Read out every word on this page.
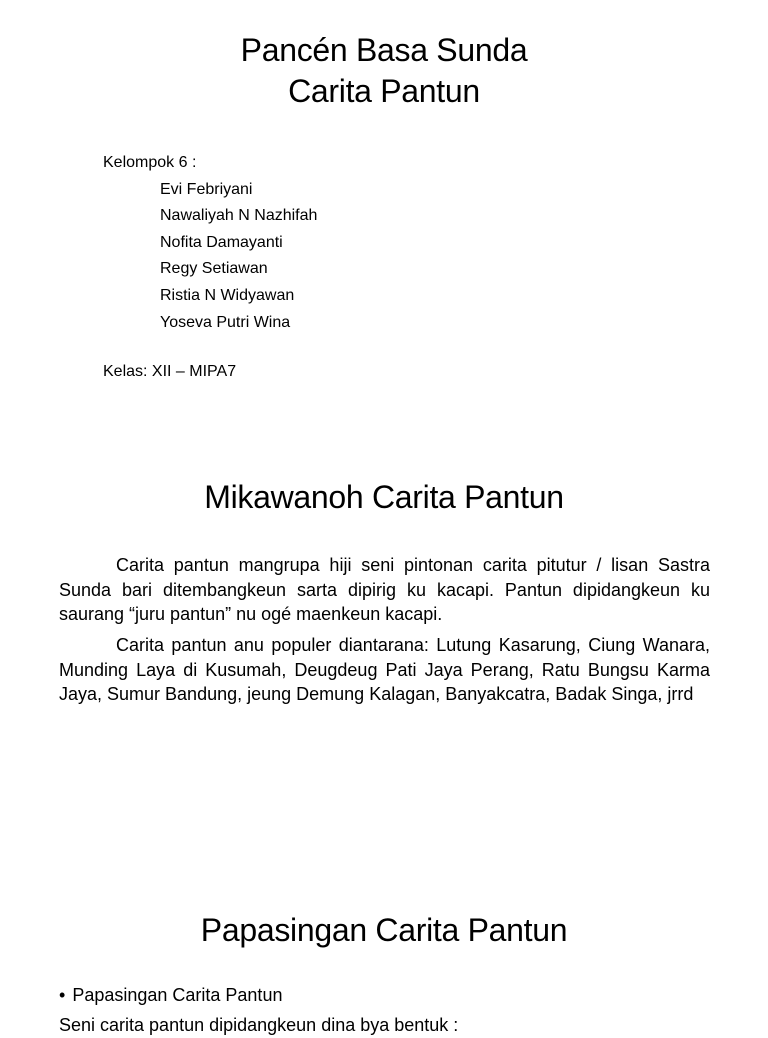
Pancén Basa Sunda
Carita Pantun

Kelompok 6 :

Evi Febriyani
Nawaliyah N Nazhifah
Nofita Damayanti
Regy Setiawan
Ristia N Widyawan
Yoseva Putri Wina

Kelas: XII – MIPA7

Mikawanoh Carita Pantun

Carita pantun mangrupa hiji seni pintonan carita pitutur / lisan Sastra Sunda bari ditembangkeun sarta dipirig ku kacapi. Pantun dipidangkeun ku saurang “juru pantun” nu ogé maenkeun kacapi.

Carita pantun anu populer diantarana: Lutung Kasarung, Ciung Wanara, Munding Laya di Kusumah, Deugdeug Pati Jaya Perang, Ratu Bungsu Karma Jaya, Sumur Bandung, jeung Demung Kalagan, Banyakcatra, Badak Singa, jrrd

Papasingan Carita Pantun

• Papasingan Carita Pantun

Seni carita pantun dipidangkeun dina bya bentuk :
